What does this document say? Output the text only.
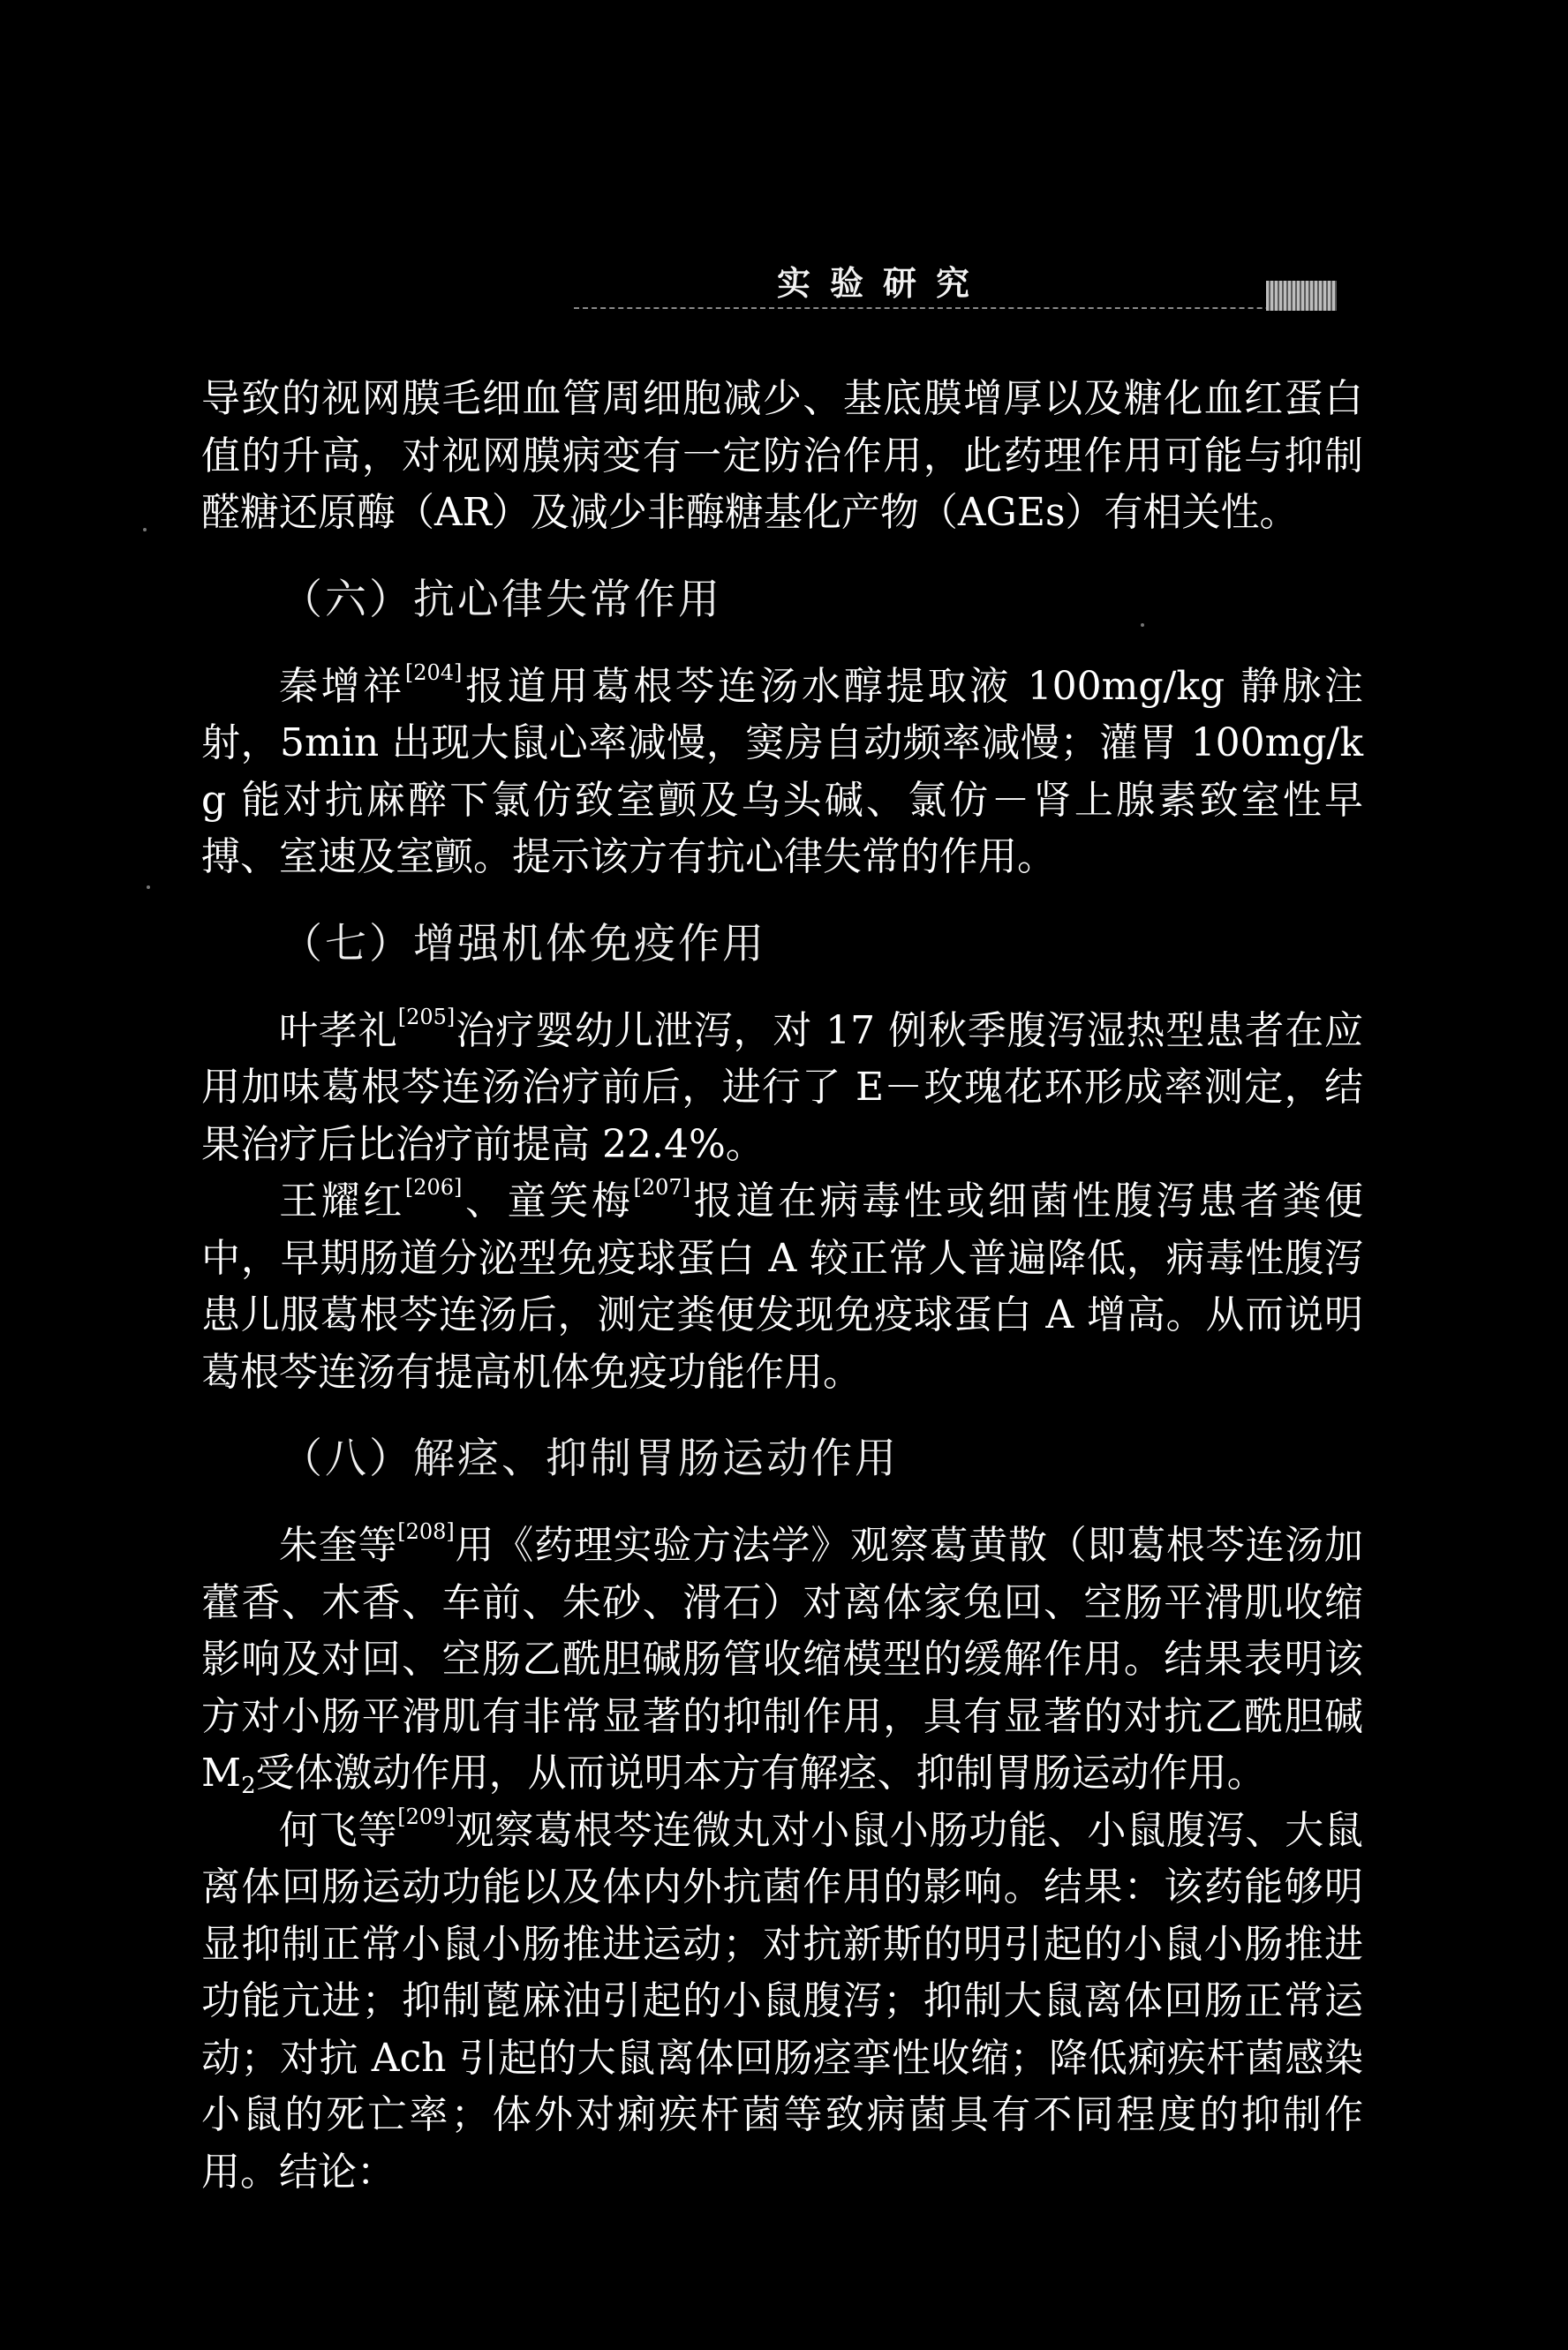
实验研究

导致的视网膜毛细血管周细胞减少、基底膜增厚以及糖化血红蛋白值的升高，对视网膜病变有一定防治作用，此药理作用可能与抑制醛糖还原酶（AR）及减少非酶糖基化产物（AGEs）有相关性。

（六）抗心律失常作用

秦增祥[204]报道用葛根芩连汤水醇提取液 100mg/kg 静脉注射，5min 出现大鼠心率减慢，窦房自动频率减慢；灌胃 100mg/kg 能对抗麻醉下氯仿致室颤及乌头碱、氯仿－肾上腺素致室性早搏、室速及室颤。提示该方有抗心律失常的作用。

（七）增强机体免疫作用

叶孝礼[205]治疗婴幼儿泄泻，对 17 例秋季腹泻湿热型患者在应用加味葛根芩连汤治疗前后，进行了 E－玫瑰花环形成率测定，结果治疗后比治疗前提高 22.4%。

王耀红[206]、童笑梅[207]报道在病毒性或细菌性腹泻患者粪便中，早期肠道分泌型免疫球蛋白 A 较正常人普遍降低，病毒性腹泻患儿服葛根芩连汤后，测定粪便发现免疫球蛋白 A 增高。从而说明葛根芩连汤有提高机体免疫功能作用。

（八）解痉、抑制胃肠运动作用

朱奎等[208]用《药理实验方法学》观察葛黄散（即葛根芩连汤加藿香、木香、车前、朱砂、滑石）对离体家兔回、空肠平滑肌收缩影响及对回、空肠乙酰胆碱肠管收缩模型的缓解作用。结果表明该方对小肠平滑肌有非常显著的抑制作用，具有显著的对抗乙酰胆碱 $M_2$受体激动作用，从而说明本方有解痉、抑制胃肠运动作用。

何飞等[209]观察葛根芩连微丸对小鼠小肠功能、小鼠腹泻、大鼠离体回肠运动功能以及体内外抗菌作用的影响。结果：该药能够明显抑制正常小鼠小肠推进运动；对抗新斯的明引起的小鼠小肠推进功能亢进；抑制蓖麻油引起的小鼠腹泻；抑制大鼠离体回肠正常运动；对抗 Ach 引起的大鼠离体回肠痉挛性收缩；降低痢疾杆菌感染小鼠的死亡率；体外对痢疾杆菌等致病菌具有不同程度的抑制作用。结论：
